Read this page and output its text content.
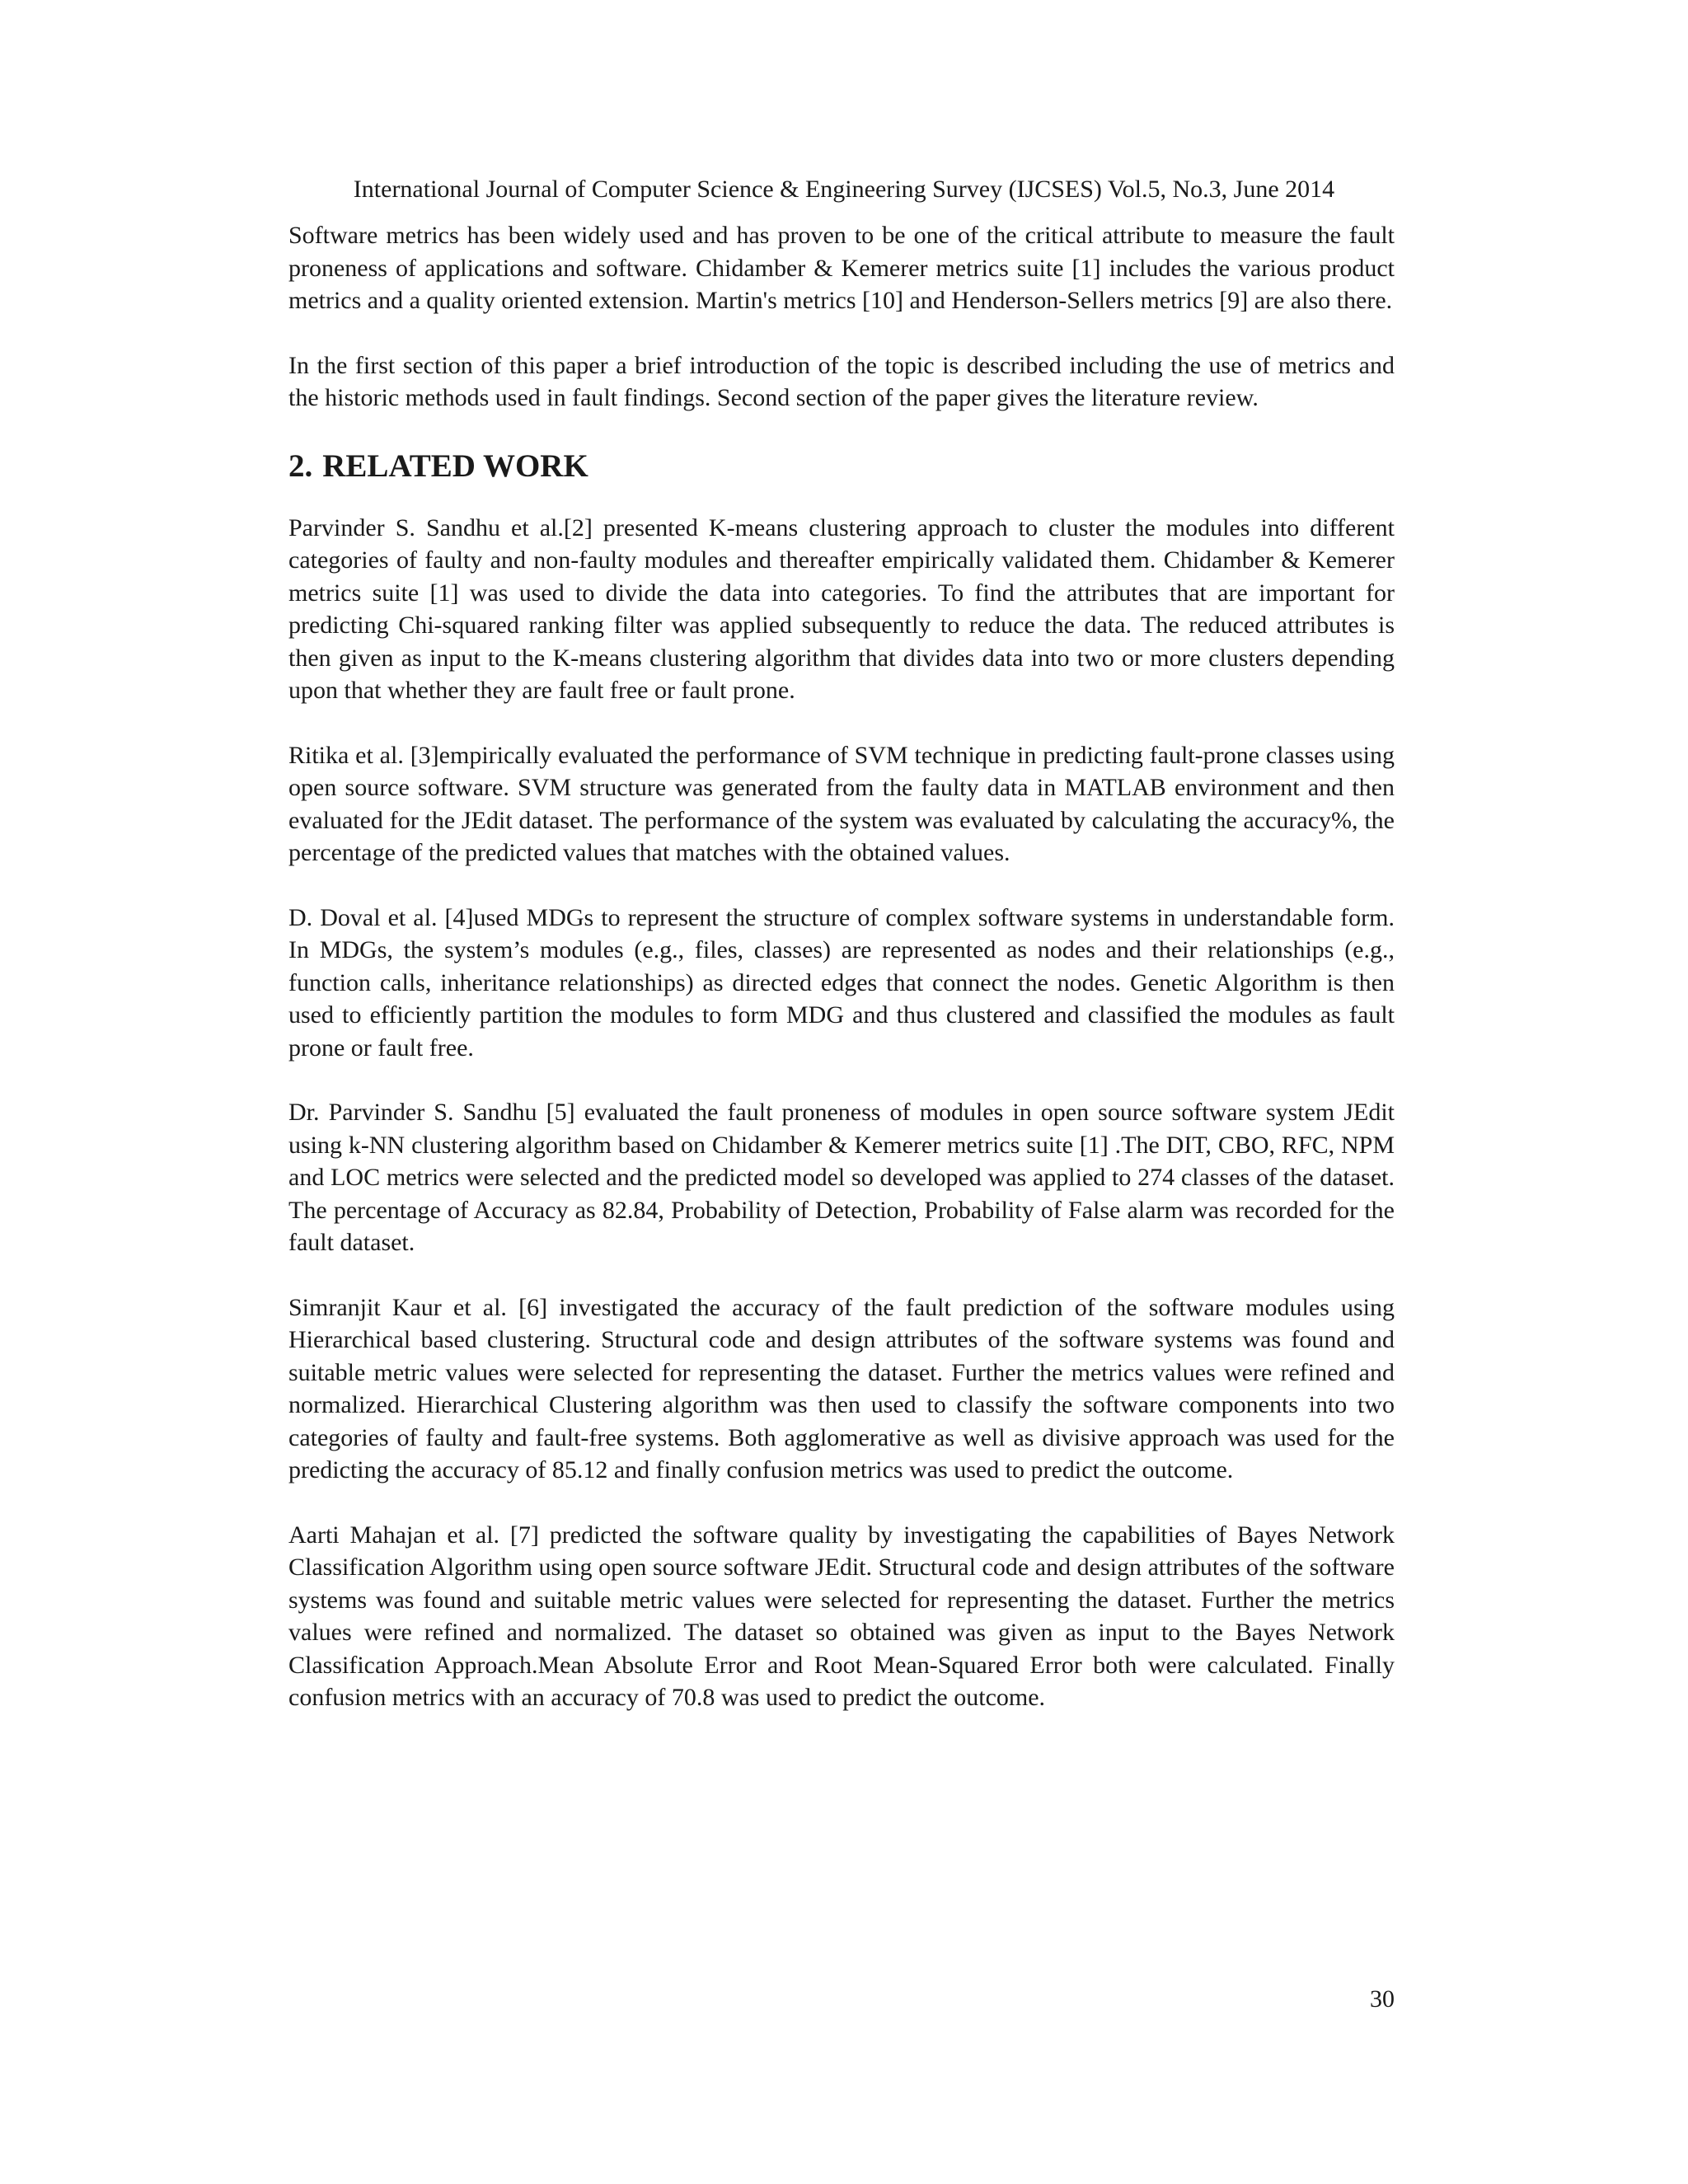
International Journal of Computer Science & Engineering Survey (IJCSES) Vol.5, No.3, June 2014

Software metrics has been widely used and has proven to be one of the critical attribute to measure the fault proneness of applications and software. Chidamber & Kemerer metrics suite [1] includes the various product metrics and a quality oriented extension. Martin's metrics [10] and Henderson-Sellers metrics [9] are also there.

In the first section of this paper a brief introduction of the topic is described including the use of metrics and the historic methods used in fault findings. Second section of the paper gives the literature review.

2. RELATED WORK

Parvinder S. Sandhu et al.[2] presented K-means clustering approach to cluster the modules into different categories of faulty and non-faulty modules and thereafter empirically validated them. Chidamber & Kemerer metrics suite [1] was used to divide the data into categories. To find the attributes that are important for predicting Chi-squared ranking filter was applied subsequently to reduce the data. The reduced attributes is then given as input to the K-means clustering algorithm that divides data into two or more clusters depending upon that whether they are fault free or fault prone.

Ritika et al. [3]empirically evaluated the performance of SVM technique in predicting fault-prone classes using open source software. SVM structure was generated from the faulty data in MATLAB environment and then evaluated for the JEdit dataset. The performance of the system was evaluated by calculating the accuracy%, the percentage of the predicted values that matches with the obtained values.

D. Doval et al. [4]used MDGs to represent the structure of complex software systems in understandable form. In MDGs, the system’s modules (e.g., files, classes) are represented as nodes and their relationships (e.g., function calls, inheritance relationships) as directed edges that connect the nodes. Genetic Algorithm is then used to efficiently partition the modules to form MDG and thus clustered and classified the modules as fault prone or fault free.

Dr. Parvinder S. Sandhu [5] evaluated the fault proneness of modules in open source software system JEdit using k-NN clustering algorithm based on Chidamber & Kemerer metrics suite [1] .The DIT, CBO, RFC, NPM and LOC metrics were selected and the predicted model so developed was applied to 274 classes of the dataset. The percentage of Accuracy as 82.84, Probability of Detection, Probability of False alarm was recorded for the fault dataset.

Simranjit Kaur et al. [6] investigated the accuracy of the fault prediction of the software modules using Hierarchical based clustering. Structural code and design attributes of the software systems was found and suitable metric values were selected for representing the dataset. Further the metrics values were refined and normalized. Hierarchical Clustering algorithm was then used to classify the software components into two categories of faulty and fault-free systems. Both agglomerative as well as divisive approach was used for the predicting the accuracy of 85.12 and finally confusion metrics was used to predict the outcome.

Aarti Mahajan et al. [7] predicted the software quality by investigating the capabilities of Bayes Network Classification Algorithm using open source software JEdit. Structural code and design attributes of the software systems was found and suitable metric values were selected for representing the dataset. Further the metrics values were refined and normalized. The dataset so obtained was given as input to the Bayes Network Classification Approach.Mean Absolute Error and Root Mean-Squared Error both were calculated. Finally confusion metrics with an accuracy of 70.8 was used to predict the outcome.

30
